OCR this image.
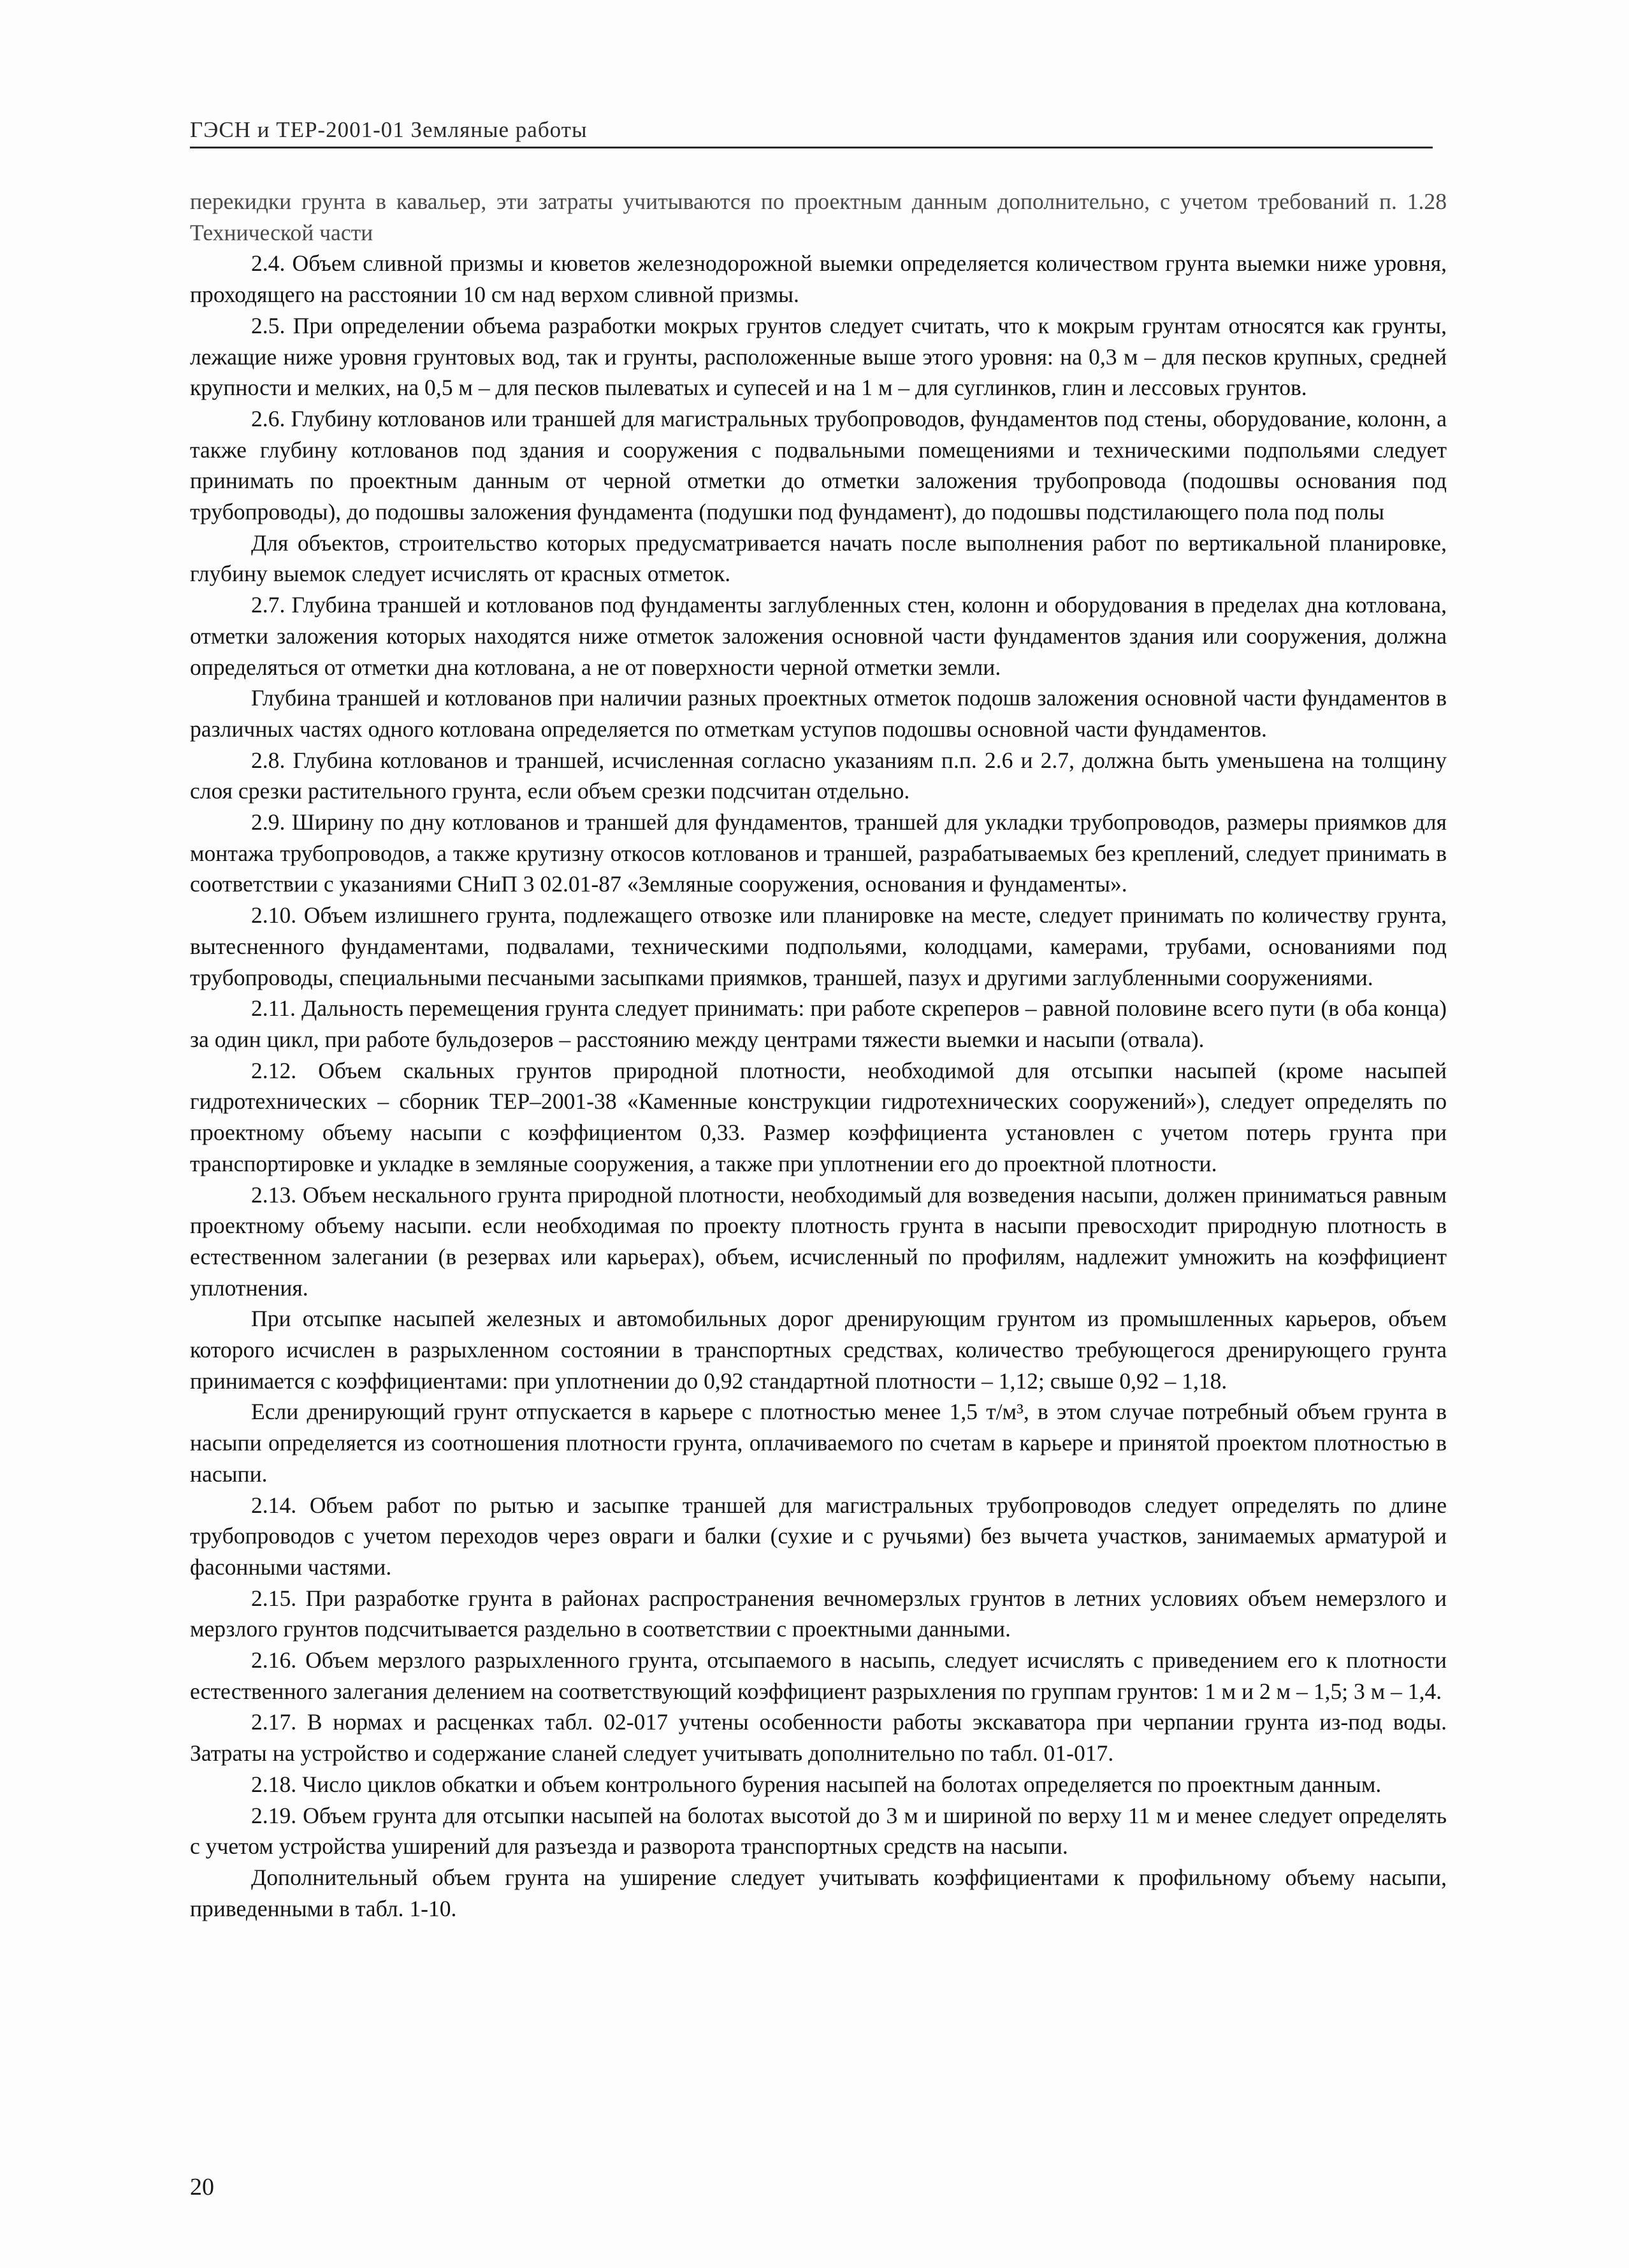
ГЭСН и ТЕР-2001-01 Земляные работы

перекидки грунта в кавальер, эти затраты учитываются по проектным данным дополнительно, с учетом требований п. 1.28 Технической части

2.4. Объем сливной призмы и кюветов железнодорожной выемки определяется количеством грунта выемки ниже уровня, проходящего на расстоянии 10 см над верхом сливной призмы.

2.5. При определении объема разработки мокрых грунтов следует считать, что к мокрым грунтам относятся как грунты, лежащие ниже уровня грунтовых вод, так и грунты, расположенные выше этого уровня: на 0,3 м – для песков крупных, средней крупности и мелких, на 0,5 м – для песков пылеватых и супесей и на 1 м – для суглинков, глин и лессовых грунтов.

2.6. Глубину котлованов или траншей для магистральных трубопроводов, фундаментов под стены, оборудование, колонн, а также глубину котлованов под здания и сооружения с подвальными помещениями и техническими подпольями следует принимать по проектным данным от черной отметки до отметки заложения трубопровода (подошвы основания под трубопроводы), до подошвы заложения фундамента (подушки под фундамент), до подошвы подстилающего пола под полы

Для объектов, строительство которых предусматривается начать после выполнения работ по вертикальной планировке, глубину выемок следует исчислять от красных отметок.

2.7. Глубина траншей и котлованов под фундаменты заглубленных стен, колонн и оборудования в пределах дна котлована, отметки заложения которых находятся ниже отметок заложения основной части фундаментов здания или сооружения, должна определяться от отметки дна котлована, а не от поверхности черной отметки земли.

Глубина траншей и котлованов при наличии разных проектных отметок подошв заложения основной части фундаментов в различных частях одного котлована определяется по отметкам уступов подошвы основной части фундаментов.

2.8. Глубина котлованов и траншей, исчисленная согласно указаниям п.п. 2.6 и 2.7, должна быть уменьшена на толщину слоя срезки растительного грунта, если объем срезки подсчитан отдельно.

2.9. Ширину по дну котлованов и траншей для фундаментов, траншей для укладки трубопроводов, размеры приямков для монтажа трубопроводов, а также крутизну откосов котлованов и траншей, разрабатываемых без креплений, следует принимать в соответствии с указаниями СНиП 3 02.01-87 «Земляные сооружения, основания и фундаменты».

2.10. Объем излишнего грунта, подлежащего отвозке или планировке на месте, следует принимать по количеству грунта, вытесненного фундаментами, подвалами, техническими подпольями, колодцами, камерами, трубами, основаниями под трубопроводы, специальными песчаными засыпками приямков, траншей, пазух и другими заглубленными сооружениями.

2.11. Дальность перемещения грунта следует принимать: при работе скреперов – равной половине всего пути (в оба конца) за один цикл, при работе бульдозеров – расстоянию между центрами тяжести выемки и насыпи (отвала).

2.12. Объем скальных грунтов природной плотности, необходимой для отсыпки насыпей (кроме насыпей гидротехнических – сборник ТЕР–2001-38 «Каменные конструкции гидротехнических сооружений»), следует определять по проектному объему насыпи с коэффициентом 0,33. Размер коэффициента установлен с учетом потерь грунта при транспортировке и укладке в земляные сооружения, а также при уплотнении его до проектной плотности.

2.13. Объем нескального грунта природной плотности, необходимый для возведения насыпи, должен приниматься равным проектному объему насыпи. если необходимая по проекту плотность грунта в насыпи превосходит природную плотность в естественном залегании (в резервах или карьерах), объем, исчисленный по профилям, надлежит умножить на коэффициент уплотнения.

При отсыпке насыпей железных и автомобильных дорог дренирующим грунтом из промышленных карьеров, объем которого исчислен в разрыхленном состоянии в транспортных средствах, количество требующегося дренирующего грунта принимается с коэффициентами: при уплотнении до 0,92 стандартной плотности – 1,12; свыше 0,92 – 1,18.

Если дренирующий грунт отпускается в карьере с плотностью менее 1,5 т/м³, в этом случае потребный объем грунта в насыпи определяется из соотношения плотности грунта, оплачиваемого по счетам в карьере и принятой проектом плотностью в насыпи.

2.14. Объем работ по рытью и засыпке траншей для магистральных трубопроводов следует определять по длине трубопроводов с учетом переходов через овраги и балки (сухие и с ручьями) без вычета участков, занимаемых арматурой и фасонными частями.

2.15. При разработке грунта в районах распространения вечномерзлых грунтов в летних условиях объем немерзлого и мерзлого грунтов подсчитывается раздельно в соответствии с проектными данными.

2.16. Объем мерзлого разрыхленного грунта, отсыпаемого в насыпь, следует исчислять с приведением его к плотности естественного залегания делением на соответствующий коэффициент разрыхления по группам грунтов: 1 м и 2 м – 1,5; 3 м – 1,4.

2.17. В нормах и расценках табл. 02-017 учтены особенности работы экскаватора при черпании грунта из-под воды. Затраты на устройство и содержание сланей следует учитывать дополнительно по табл. 01-017.

2.18. Число циклов обкатки и объем контрольного бурения насыпей на болотах определяется по проектным данным.

2.19. Объем грунта для отсыпки насыпей на болотах высотой до 3 м и шириной по верху 11 м и менее следует определять с учетом устройства уширений для разъезда и разворота транспортных средств на насыпи.

Дополнительный объем грунта на уширение следует учитывать коэффициентами к профильному объему насыпи, приведенными в табл. 1-10.

20
